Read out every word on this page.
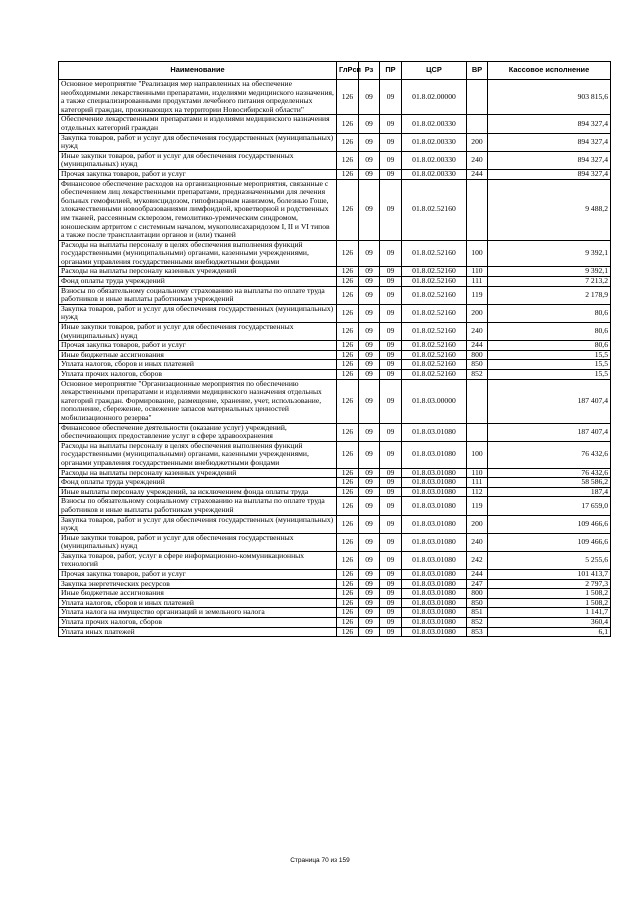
Наименование	ГлРсп	Рз	ПР	ЦСР	ВР	Кассовое исполнение
Основное мероприятие "Реализация мер направленных на обеспечение необходимыми лекарственными препаратами, изделиями медицинского назначения, а также специализированными продуктами лечебного питания определенных категорий граждан, проживающих на территории Новосибирской области"	126	09	09	01.8.02.00000		903 815,6
Обеспечение лекарственными препаратами и изделиями медицинского назначения отдельных категорий граждан	126	09	09	01.8.02.00330		894 327,4
Закупка товаров, работ и услуг для обеспечения государственных (муниципальных) нужд	126	09	09	01.8.02.00330	200	894 327,4
Иные закупки товаров, работ и услуг для обеспечения государственных (муниципальных) нужд	126	09	09	01.8.02.00330	240	894 327,4
Прочая закупка товаров, работ и услуг	126	09	09	01.8.02.00330	244	894 327,4
Финансовое обеспечение расходов на организационные мероприятия, связанные с обеспечением лиц лекарственными препаратами, предназначенными для лечения больных гемофилией, муковисцидозом, гипофизарным нанизмом, болезнью Гоше, злокачественными новообразованиями лимфоидной, кроветворной и родственных им тканей, рассеянным склерозом, гемолитико-уремическим синдромом, юношеским артритом с системным началом, мукополисахаридозом I, II и VI типов а также после трансплантации органов и (или) тканей	126	09	09	01.8.02.52160		9 488,2
Расходы на выплаты персоналу в целях обеспечения выполнения функций государственными (муниципальными) органами, казенными учреждениями, органами управления государственными внебюджетными фондами	126	09	09	01.8.02.52160	100	9 392,1
Расходы на выплаты персоналу казенных учреждений	126	09	09	01.8.02.52160	110	9 392,1
Фонд оплаты труда учреждений	126	09	09	01.8.02.52160	111	7 213,2
Взносы по обязательному социальному страхованию на выплаты по оплате труда работников и иные выплаты работникам учреждений	126	09	09	01.8.02.52160	119	2 178,9
Закупка товаров, работ и услуг для обеспечения государственных (муниципальных) нужд	126	09	09	01.8.02.52160	200	80,6
Иные закупки товаров, работ и услуг для обеспечения государственных (муниципальных) нужд	126	09	09	01.8.02.52160	240	80,6
Прочая закупка товаров, работ и услуг	126	09	09	01.8.02.52160	244	80,6
Иные бюджетные ассигнования	126	09	09	01.8.02.52160	800	15,5
Уплата налогов, сборов и иных платежей	126	09	09	01.8.02.52160	850	15,5
Уплата прочих налогов, сборов	126	09	09	01.8.02.52160	852	15,5
Основное мероприятие "Организационные мероприятия по обеспечению лекарственными препаратами и изделиями медицинского назначения отдельных категорий граждан. Формирование, размещение, хранение, учет, использование, пополнение, сбережение, освежение запасов материальных ценностей мобилизационного резерва"	126	09	09	01.8.03.00000		187 407,4
Финансовое обеспечение деятельности (оказание услуг) учреждений, обеспечивающих предоставление услуг в сфере здравоохранения	126	09	09	01.8.03.01080		187 407,4
Расходы на выплаты персоналу в целях обеспечения выполнения функций государственными (муниципальными) органами, казенными учреждениями, органами управления государственными внебюджетными фондами	126	09	09	01.8.03.01080	100	76 432,6
Расходы на выплаты персоналу казенных учреждений	126	09	09	01.8.03.01080	110	76 432,6
Фонд оплаты труда учреждений	126	09	09	01.8.03.01080	111	58 586,2
Иные выплаты персоналу учреждений, за исключением фонда оплаты труда	126	09	09	01.8.03.01080	112	187,4
Взносы по обязательному социальному страхованию на выплаты по оплате труда работников и иные выплаты работникам учреждений	126	09	09	01.8.03.01080	119	17 659,0
Закупка товаров, работ и услуг для обеспечения государственных (муниципальных) нужд	126	09	09	01.8.03.01080	200	109 466,6
Иные закупки товаров, работ и услуг для обеспечения государственных (муниципальных) нужд	126	09	09	01.8.03.01080	240	109 466,6
Закупка товаров, работ, услуг в сфере информационно-коммуникационных технологий	126	09	09	01.8.03.01080	242	5 255,6
Прочая закупка товаров, работ и услуг	126	09	09	01.8.03.01080	244	101 413,7
Закупка энергетических ресурсов	126	09	09	01.8.03.01080	247	2 797,3
Иные бюджетные ассигнования	126	09	09	01.8.03.01080	800	1 508,2
Уплата налогов, сборов и иных платежей	126	09	09	01.8.03.01080	850	1 508,2
Уплата налога на имущество организаций и земельного налога	126	09	09	01.8.03.01080	851	1 141,7
Уплата прочих налогов, сборов	126	09	09	01.8.03.01080	852	360,4
Уплата иных платежей	126	09	09	01.8.03.01080	853	6,1
Страница 70 из 159
